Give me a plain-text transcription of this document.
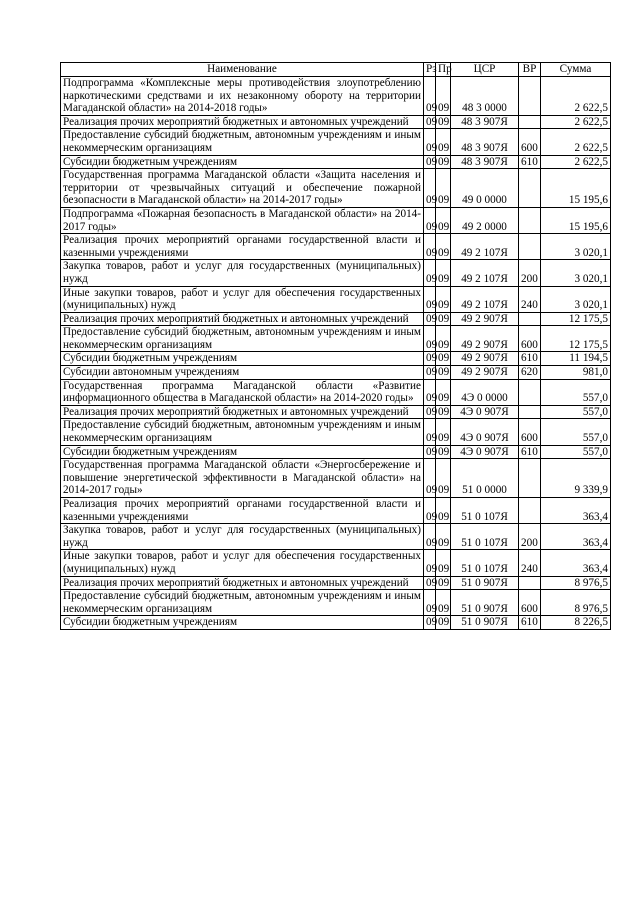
Наименование	Рз	Пр	ЦСР	ВР	Сумма
Подпрограмма «Комплексные меры противодействия злоупотреблению наркотическими средствами и их незаконному обороту на территории Магаданской области» на 2014-2018 годы»	09	09	48 3 0000		2 622,5
Реализация прочих мероприятий бюджетных и автономных учреждений	09	09	48 3 907Я		2 622,5
Предоставление субсидий бюджетным, автономным учреждениям и иным некоммерческим организациям	09	09	48 3 907Я	600	2 622,5
Субсидии бюджетным учреждениям	09	09	48 3 907Я	610	2 622,5
Государственная программа Магаданской области «Защита населения и территории от чрезвычайных ситуаций и обеспечение пожарной безопасности в Магаданской области» на 2014-2017 годы»	09	09	49 0 0000		15 195,6
Подпрограмма «Пожарная безопасность в Магаданской области» на 2014-2017 годы»	09	09	49 2 0000		15 195,6
Реализация прочих мероприятий органами государственной власти и казенными учреждениями	09	09	49 2 107Я		3 020,1
Закупка товаров, работ и услуг для государственных (муниципальных) нужд	09	09	49 2 107Я	200	3 020,1
Иные закупки товаров, работ и услуг для обеспечения государственных (муниципальных) нужд	09	09	49 2 107Я	240	3 020,1
Реализация прочих мероприятий бюджетных и автономных учреждений	09	09	49 2 907Я		12 175,5
Предоставление субсидий бюджетным, автономным учреждениям и иным некоммерческим организациям	09	09	49 2 907Я	600	12 175,5
Субсидии бюджетным учреждениям	09	09	49 2 907Я	610	11 194,5
Субсидии автономным учреждениям	09	09	49 2 907Я	620	981,0
Государственная программа Магаданской области «Развитие информационного общества в Магаданской области» на 2014-2020 годы»	09	09	4Э 0 0000		557,0
Реализация прочих мероприятий бюджетных и автономных учреждений	09	09	4Э 0 907Я		557,0
Предоставление субсидий бюджетным, автономным учреждениям и иным некоммерческим организациям	09	09	4Э 0 907Я	600	557,0
Субсидии бюджетным учреждениям	09	09	4Э 0 907Я	610	557,0
Государственная программа Магаданской области «Энергосбережение и повышение энергетической эффективности в Магаданской области» на 2014-2017 годы»	09	09	51 0 0000		9 339,9
Реализация прочих мероприятий органами государственной власти и казенными учреждениями	09	09	51 0 107Я		363,4
Закупка товаров, работ и услуг для государственных (муниципальных) нужд	09	09	51 0 107Я	200	363,4
Иные закупки товаров, работ и услуг для обеспечения государственных (муниципальных) нужд	09	09	51 0 107Я	240	363,4
Реализация прочих мероприятий бюджетных и автономных учреждений	09	09	51 0 907Я		8 976,5
Предоставление субсидий бюджетным, автономным учреждениям и иным некоммерческим организациям	09	09	51 0 907Я	600	8 976,5
Субсидии бюджетным учреждениям	09	09	51 0 907Я	610	8 226,5
